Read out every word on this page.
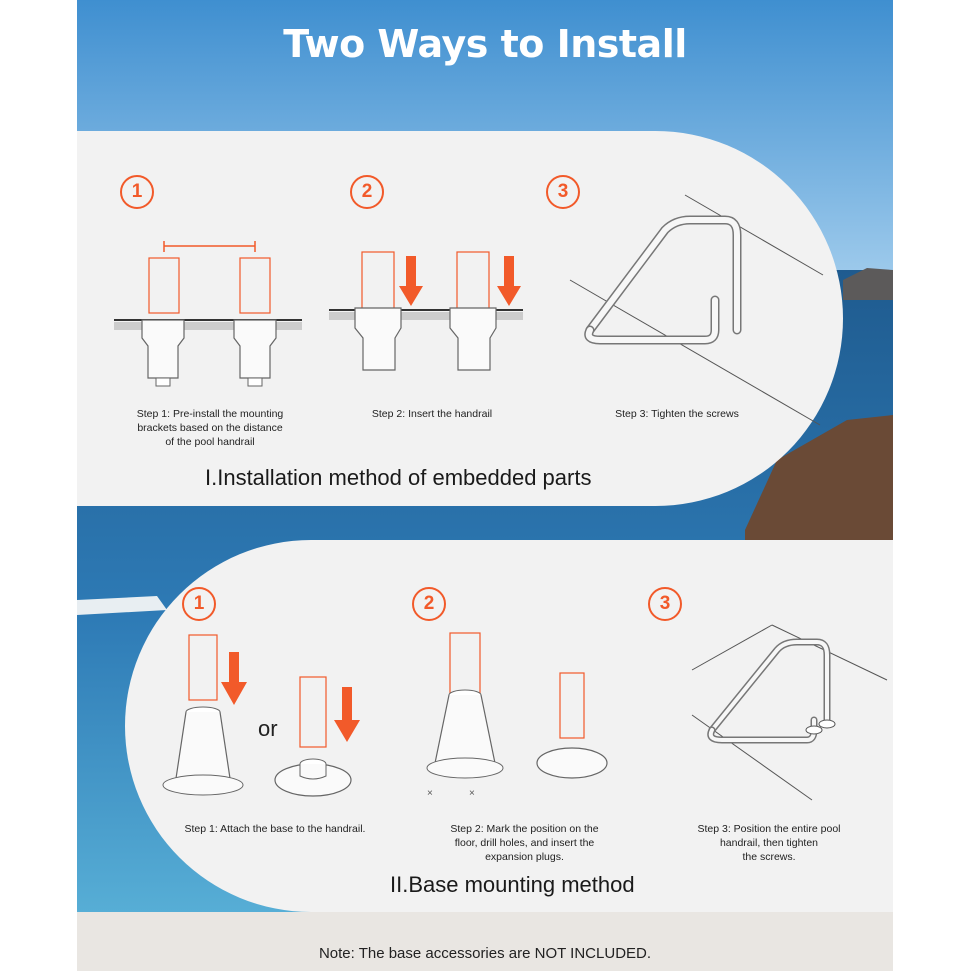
Two Ways to Install
1	2	3
Step 1: Pre-install the mounting
brackets based on the distance
of the pool handrail
Step 2: Insert the handrail	Step 3: Tighten the screws
I.Installation method of embedded parts
1	2	3
or
×             ×
Step 1: Attach the base to the handrail.	Step 2: Mark the position on the
floor, drill holes, and insert the
expansion plugs.
Step 3: Position the entire pool
handrail, then tighten
the screws.
II.Base mounting method
Note: The base accessories are NOT INCLUDED.
